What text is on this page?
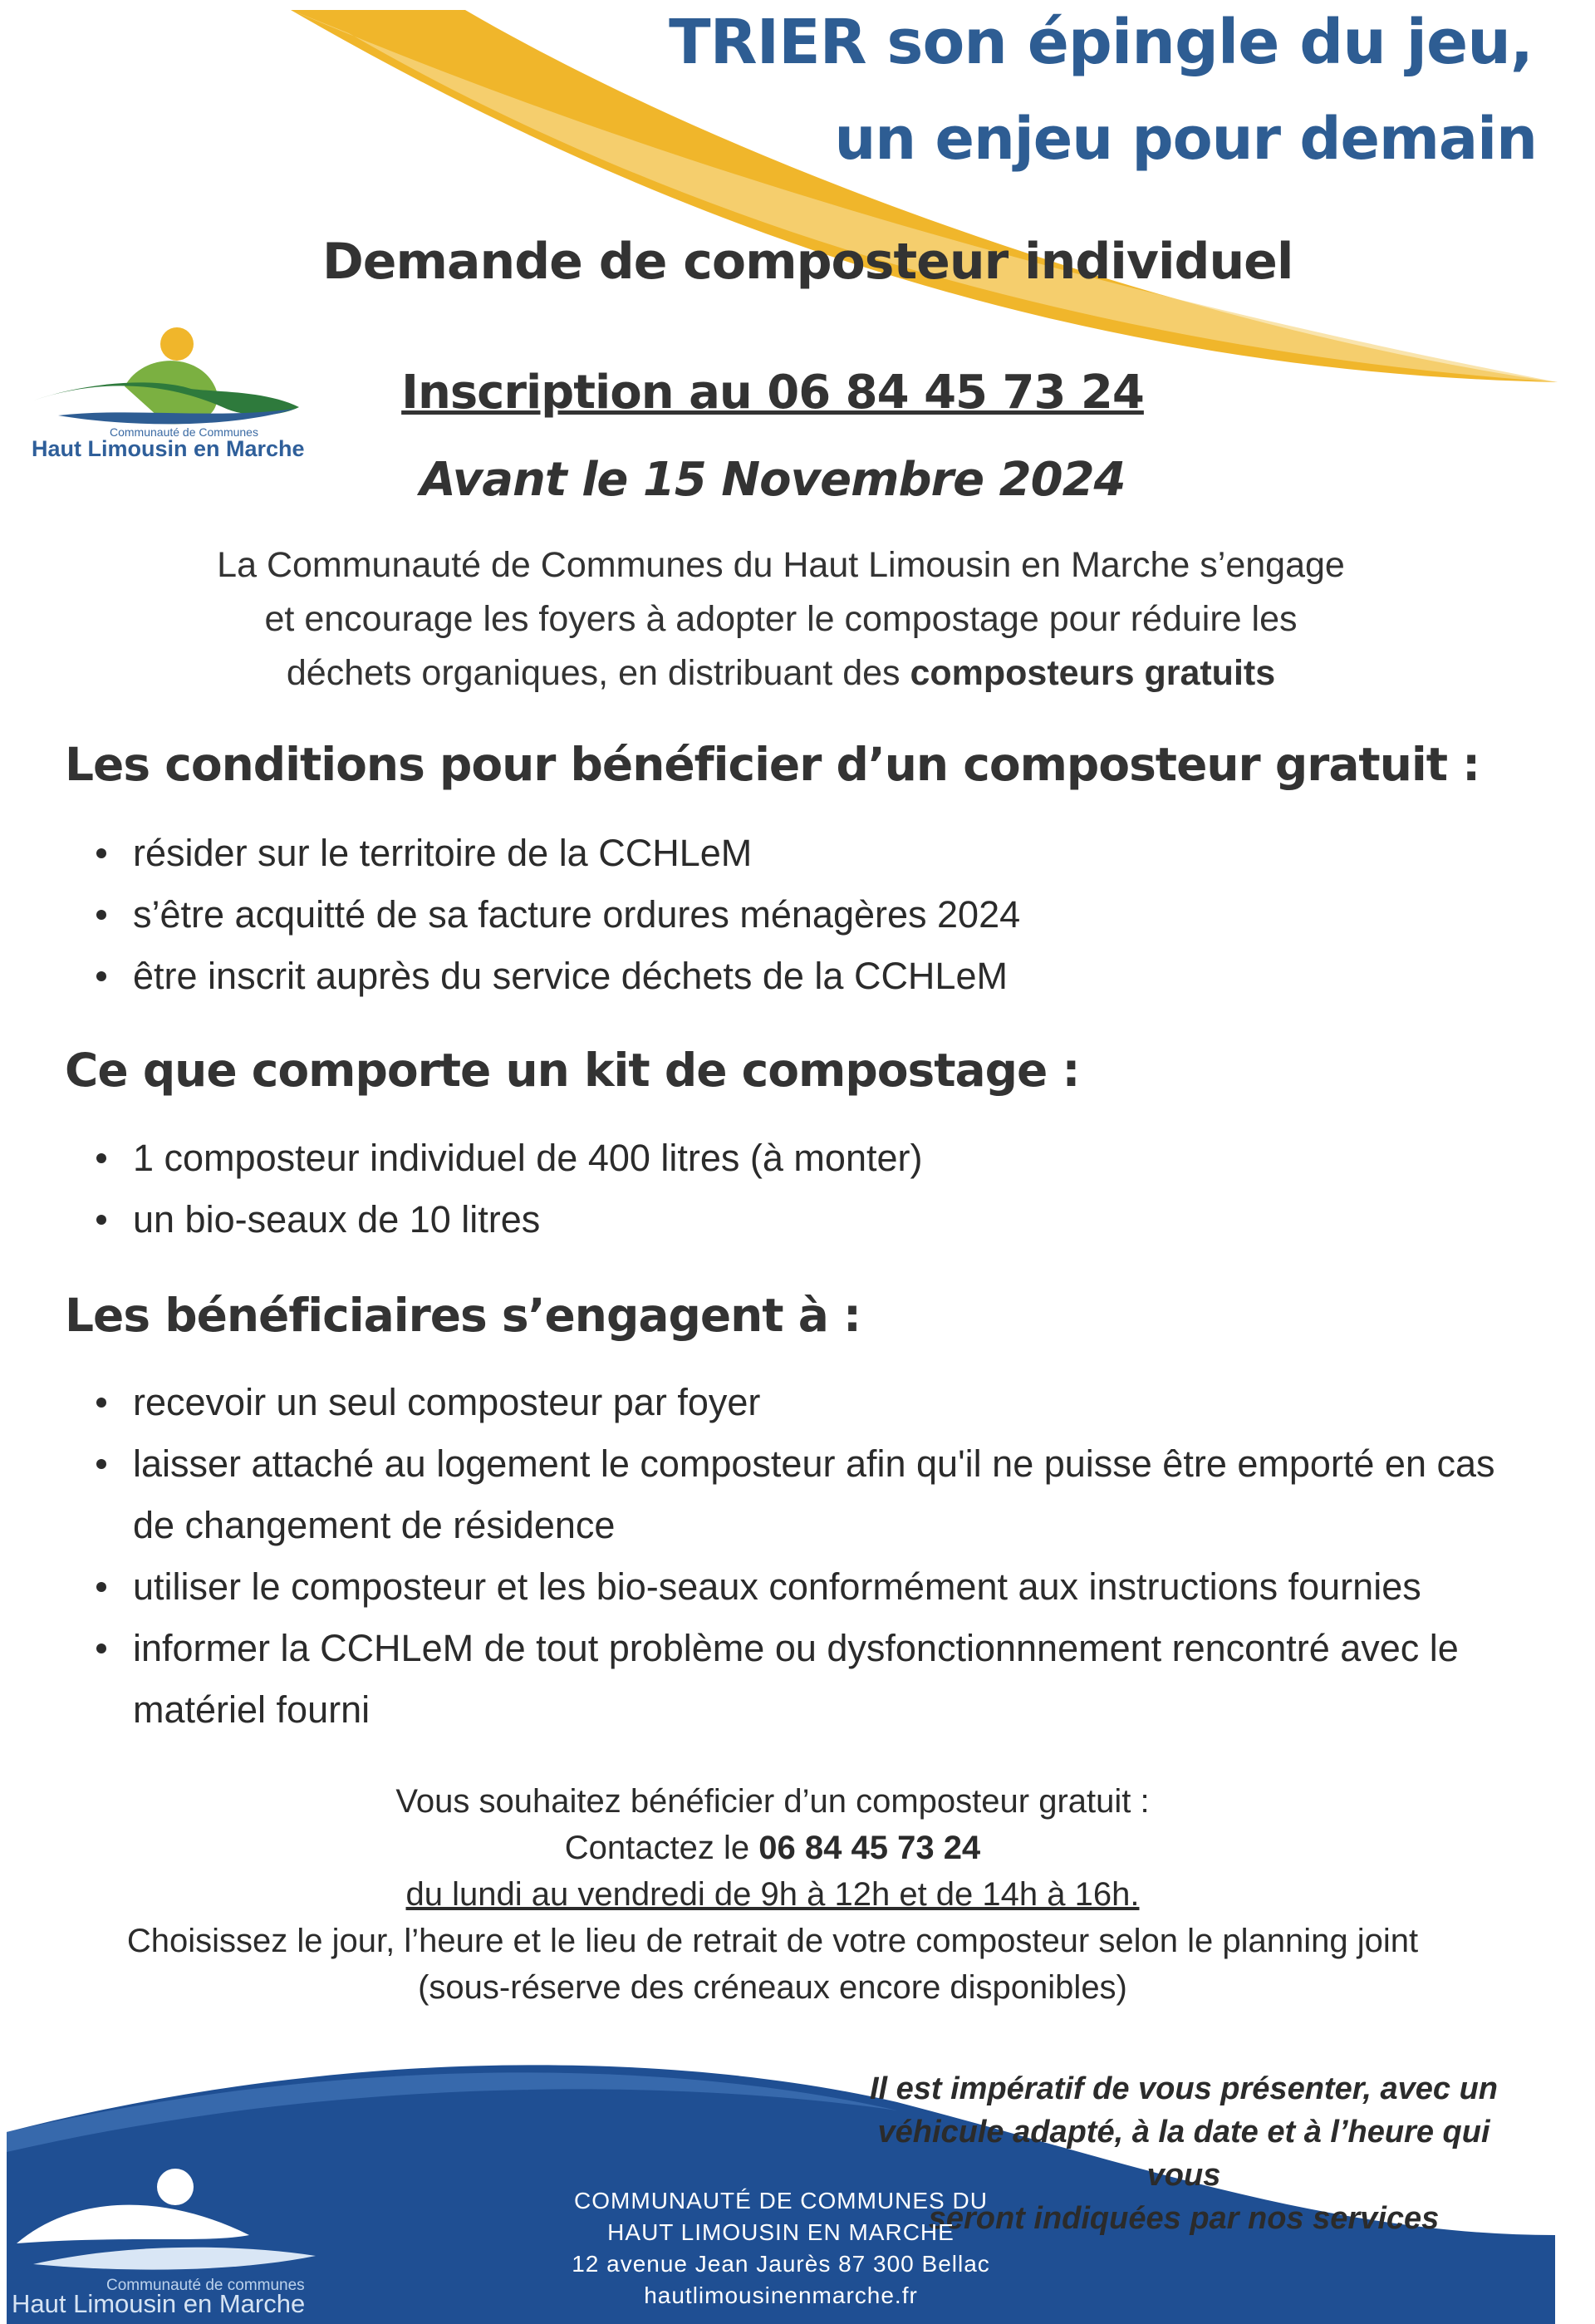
TRIER son épingle du jeu,
un enjeu pour demain
Demande de composteur individuel
Communauté de Communes
Haut Limousin en Marche
Inscription au 06 84 45 73 24
Avant le 15 Novembre 2024
La Communauté de Communes du Haut Limousin en Marche s’engage
et encourage les foyers à adopter le compostage pour réduire les
déchets organiques, en distribuant des composteurs gratuits
Les conditions pour bénéficier d’un composteur gratuit :
résider sur le territoire de la CCHLeM
s’être acquitté de sa facture ordures ménagères 2024
être inscrit auprès du service déchets de la CCHLeM
Ce que comporte un kit de compostage :
1 composteur individuel de 400 litres (à monter)
un bio-seaux de 10 litres
Les bénéficiaires s’engagent à :
recevoir un seul composteur par foyer
laisser attaché au logement le composteur afin qu'il ne puisse être emporté en cas de changement de résidence
utiliser le composteur et les bio-seaux conformément aux instructions fournies
informer la CCHLeM de tout problème ou dysfonctionnnement rencontré avec le matériel fourni
Vous souhaitez bénéficier d’un composteur gratuit :
Contactez le 06 84 45 73 24
du lundi au vendredi de 9h à 12h et de 14h à 16h.
Choisissez le jour, l’heure et le lieu de retrait de votre composteur selon le planning joint
(sous-réserve des créneaux encore disponibles)
Il est impératif de vous présenter, avec un
véhicule adapté, à la date et à l’heure qui vous
seront indiquées par nos services
COMMUNAUTÉ DE COMMUNES DU
HAUT LIMOUSIN EN MARCHE
12 avenue Jean Jaurès 87 300 Bellac
hautlimousinenmarche.fr
Communauté de communes
Haut Limousin en Marche
